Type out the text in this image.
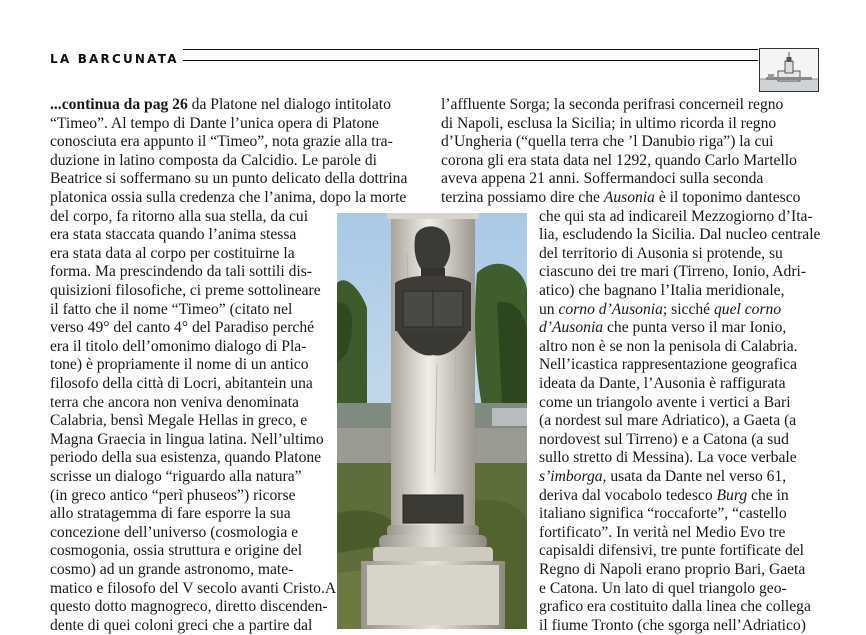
LA BARCUNATA
...continua da pag 26 da Platone nel dialogo intitolato
“Timeo”. Al tempo di Dante l’unica opera di Platone
conosciuta era appunto il “Timeo”, nota grazie alla tra-
duzione in latino composta da Calcidio. Le parole di
Beatrice si soffermano su un punto delicato della dottrina
platonica ossia sulla credenza che l’anima, dopo la morte
del corpo, fa ritorno alla sua stella, da cui
era stata staccata quando l’anima stessa
era stata data al corpo per costituirne la
forma. Ma prescindendo da tali sottili dis-
quisizioni filosofiche, ci preme sottolineare
il fatto che il nome “Timeo” (citato nel
verso 49° del canto 4° del Paradiso perché
era il titolo dell’omonimo dialogo di Pla-
tone) è propriamente il nome di un antico
filosofo della città di Locri, abitantein una
terra che ancora non veniva denominata
Calabria, bensì Megale Hellas in greco, e
Magna Graecia in lingua latina. Nell’ultimo
periodo della sua esistenza, quando Platone
scrisse un dialogo “riguardo alla natura”
(in greco antico “perì phuseos”) ricorse
allo stratagemma di fare esporre la sua
concezione dell’universo (cosmologia e
cosmogonia, ossia struttura e origine del
cosmo) ad un grande astronomo, mate-
matico e filosofo del V secolo avanti Cristo.A
questo dotto magnogreco, diretto discenden-
dente di quei coloni greci che a partire dal
l’affluente Sorga; la seconda perifrasi concerneil regno
di Napoli, esclusa la Sicilia; in ultimo ricorda il regno
d’Ungheria (“quella terra che ’l Danubio riga”) la cui
corona gli era stata data nel 1292, quando Carlo Martello
aveva appena 21 anni. Soffermandoci sulla seconda
terzina possiamo dire che Ausonia è il toponimo dantesco
che qui sta ad indicareil Mezzogiorno d’Ita-
lia, escludendo la Sicilia. Dal nucleo centrale
del territorio di Ausonia si protende, su
ciascuno dei tre mari (Tirreno, Ionio, Adri-
atico) che bagnano l’Italia meridionale,
un corno d’Ausonia; sicché quel corno
d’Ausonia che punta verso il mar Ionio,
altro non è se non la penisola di Calabria.
Nell’icastica rappresentazione geografica
ideata da Dante, l’Ausonia è raffigurata
come un triangolo avente i vertici a Bari
(a nordest sul mare Adriatico), a Gaeta (a
nordovest sul Tirreno) e a Catona (a sud
sullo stretto di Messina). La voce verbale
s’imborga, usata da Dante nel verso 61,
deriva dal vocabolo tedesco Burg che in
italiano significa “roccaforte”, “castello
fortificato”. In verità nel Medio Evo tre
capisaldi difensivi, tre punte fortificate del
Regno di Napoli erano proprio Bari, Gaeta
e Catona. Un lato di quel triangolo geo-
grafico era costituito dalla linea che collega
il fiume Tronto (che sgorga nell’Adriatico)
